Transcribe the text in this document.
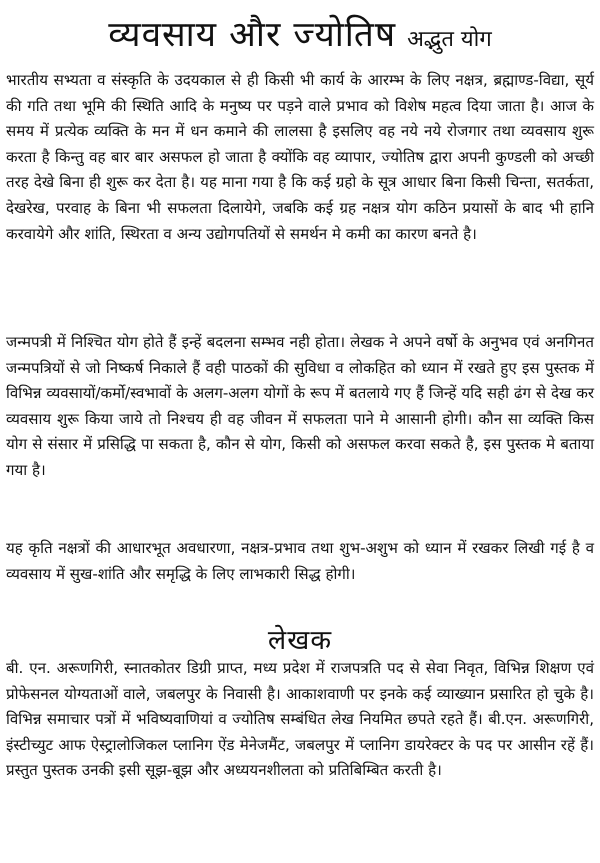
व्यवसाय और ज्योतिष अद्भुत योग

भारतीय सभ्यता व संस्कृति के उदयकाल से ही किसी भी कार्य के आरम्भ के लिए नक्षत्र, ब्रह्माण्ड-विद्या, सूर्य की गति तथा भूमि की स्थिति आदि के मनुष्य पर पड़ने वाले प्रभाव को विशेष महत्व दिया जाता है। आज के समय में प्रत्येक व्यक्ति के मन में धन कमाने की लालसा है इसलिए वह नये नये रोजगार तथा व्यवसाय शुरू करता है किन्तु वह बार बार असफल हो जाता है क्योंकि वह व्यापार, ज्योतिष द्वारा अपनी कुण्डली को अच्छी तरह देखे बिना ही शुरू कर देता है। यह माना गया है कि कई ग्रहो के सूत्र आधार बिना किसी चिन्ता, सतर्कता, देखरेख, परवाह के बिना भी सफलता दिलायेगे, जबकि कई ग्रह नक्षत्र योग कठिन प्रयासों के बाद भी हानि करवायेगे और शांति, स्थिरता व अन्य उद्योगपतियों से समर्थन मे कमी का कारण बनते है।

जन्मपत्री में निश्चित योग होते हैं इन्हें बदलना सम्भव नही होता। लेखक ने अपने वर्षो के अनुभव एवं अनगिनत जन्मपत्रियों से जो निष्कर्ष निकाले हैं वही पाठकों की सुविधा व लोकहित को ध्यान में रखते हुए इस पुस्तक में विभिन्न व्यवसायों/कर्मो/स्वभावों के अलग-अलग योगों के रूप में बतलाये गए हैं जिन्हें यदि सही ढंग से देख कर व्यवसाय शुरू किया जाये तो निश्चय ही वह जीवन में सफलता पाने मे आसानी होगी। कौन सा व्यक्ति किस योग से संसार में प्रसिद्धि पा सकता है, कौन से योग, किसी को असफल करवा सकते है, इस पुस्तक मे बताया गया है।

यह कृति नक्षत्रों की आधारभूत अवधारणा, नक्षत्र-प्रभाव तथा शुभ-अशुभ को ध्यान में रखकर लिखी गई है व व्यवसाय में सुख-शांति और समृद्धि के लिए लाभकारी सिद्ध होगी।

लेखक

बी. एन. अरूणगिरी, स्नातकोतर डिग्री प्राप्त, मध्य प्रदेश में राजपत्रति पद से सेवा निवृत, विभिन्न शिक्षण एवं प्रोफेसनल योग्यताओं वाले, जबलपुर के निवासी है। आकाशवाणी पर इनके कई व्याख्यान प्रसारित हो चुके है। विभिन्न समाचार पत्रों में भविष्यवाणियां व ज्योतिष सम्बंधित लेख नियमित छपते रहते हैं। बी.एन. अरूणगिरी, इंस्टीच्युट आफ ऐस्ट्रालोजिकल प्लानिग ऐंड मेनेजमैंट, जबलपुर में प्लानिग डायरेक्टर के पद पर आसीन रहें हैं। प्रस्तुत पुस्तक उनकी इसी सूझ-बूझ और अध्ययनशीलता को प्रतिबिम्बित करती है।
